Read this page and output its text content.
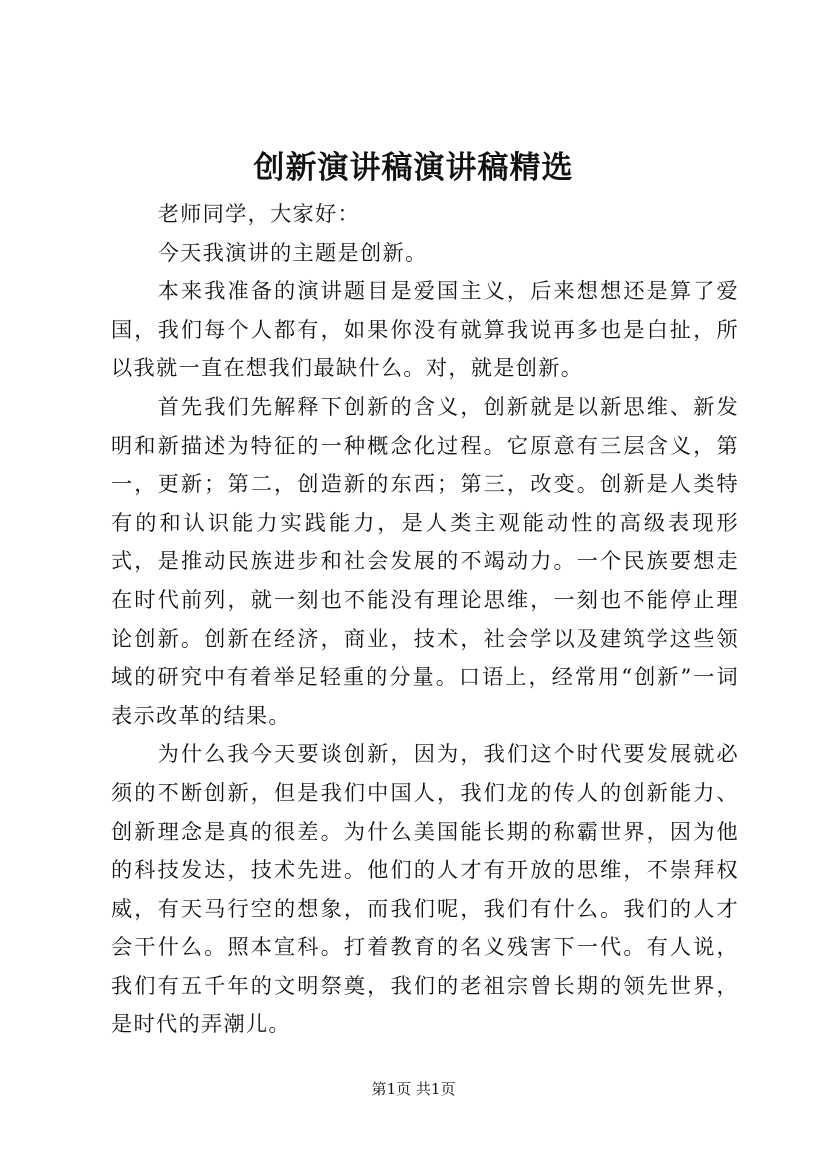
创新演讲稿演讲稿精选

老师同学，大家好：

今天我演讲的主题是创新。

本来我准备的演讲题目是爱国主义，后来想想还是算了爱国，我们每个人都有，如果你没有就算我说再多也是白扯，所以我就一直在想我们最缺什么。对，就是创新。

首先我们先解释下创新的含义，创新就是以新思维、新发明和新描述为特征的一种概念化过程。它原意有三层含义，第一，更新；第二，创造新的东西；第三，改变。创新是人类特有的和认识能力实践能力，是人类主观能动性的高级表现形式，是推动民族进步和社会发展的不竭动力。一个民族要想走在时代前列，就一刻也不能没有理论思维，一刻也不能停止理论创新。创新在经济，商业，技术，社会学以及建筑学这些领域的研究中有着举足轻重的分量。口语上，经常用“创新”一词表示改革的结果。

为什么我今天要谈创新，因为，我们这个时代要发展就必须的不断创新，但是我们中国人，我们龙的传人的创新能力、创新理念是真的很差。为什么美国能长期的称霸世界，因为他的科技发达，技术先进。他们的人才有开放的思维，不崇拜权威，有天马行空的想象，而我们呢，我们有什么。我们的人才会干什么。照本宣科。打着教育的名义残害下一代。有人说，我们有五千年的文明祭奠，我们的老祖宗曾长期的领先世界，是时代的弄潮儿。

第1页 共1页
